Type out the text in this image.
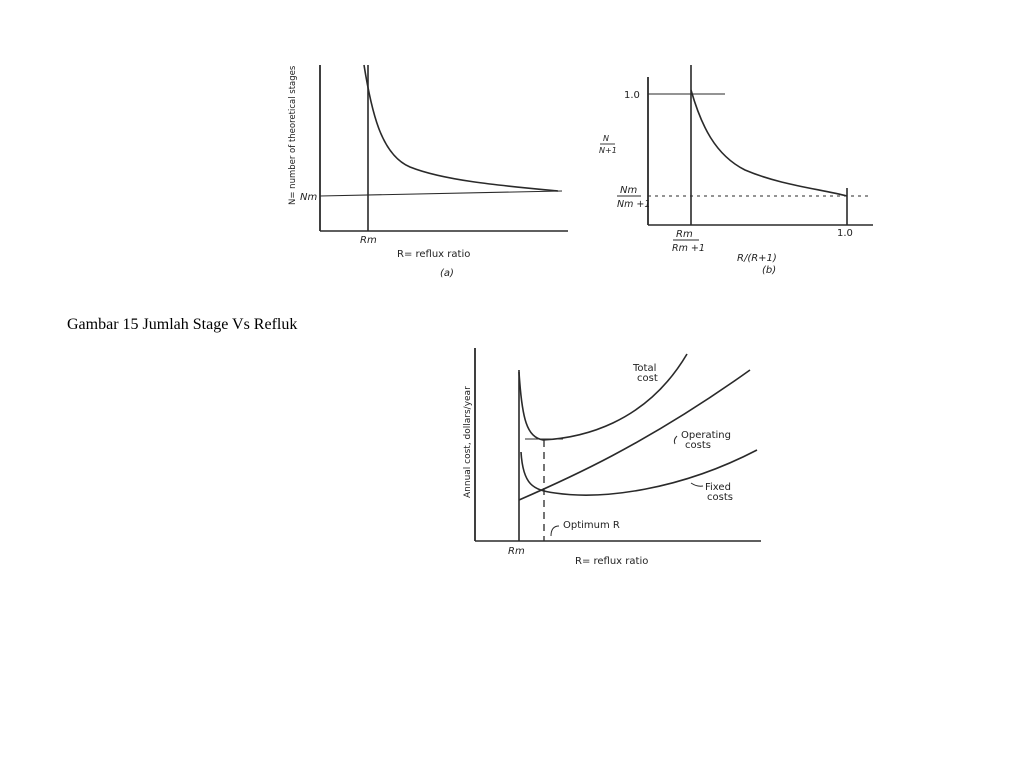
N= number of theoretical stages Nm
Rm
R= reflux ratio
(a)
N
N+1
1.0
Nm
Nm +1
Rm
Rm +1
1.0
R/(R+1)
(b)
Gambar 15 Jumlah Stage Vs Refluk
Annual cost, dollars/year
Total
cost
Operating
costs
Fixed
costs
Optimum R
Rm
R= reflux ratio
